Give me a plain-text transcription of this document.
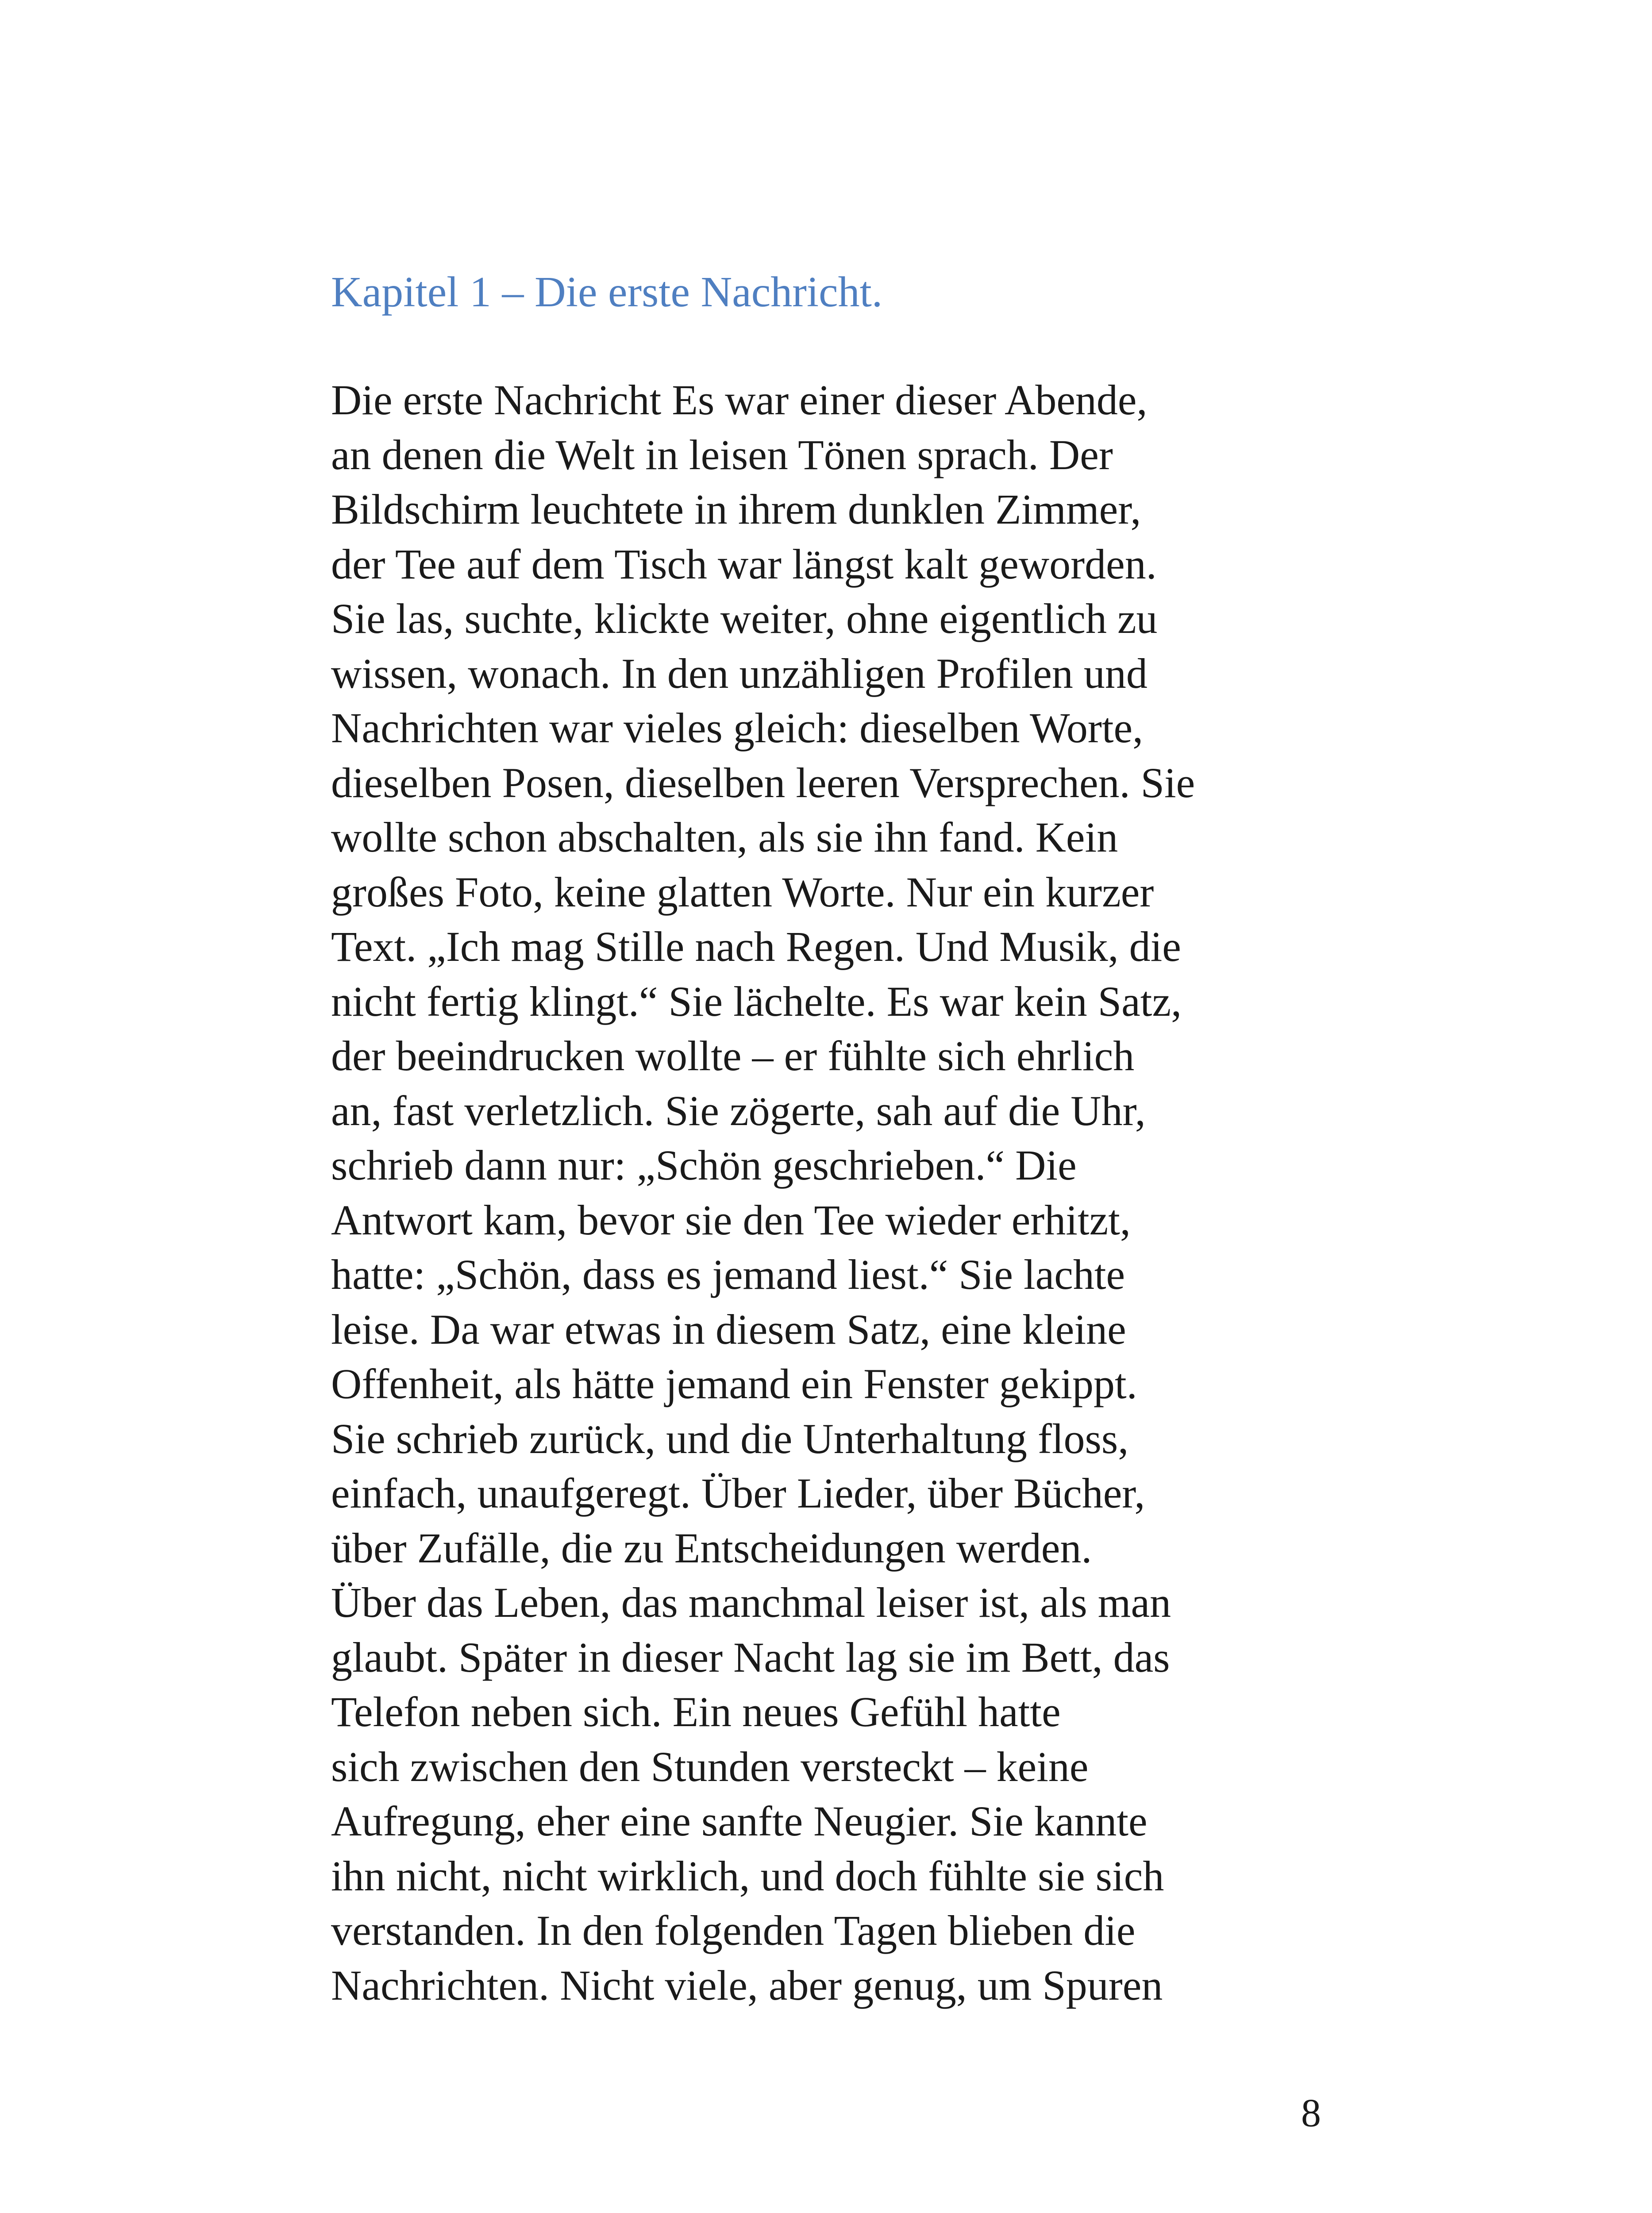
Kapitel 1 – Die erste Nachricht.
Die erste Nachricht Es war einer dieser Abende,
an denen die Welt in leisen Tönen sprach. Der
Bildschirm leuchtete in ihrem dunklen Zimmer,
der Tee auf dem Tisch war längst kalt geworden.
Sie las, suchte, klickte weiter, ohne eigentlich zu
wissen, wonach. In den unzähligen Profilen und
Nachrichten war vieles gleich: dieselben Worte,
dieselben Posen, dieselben leeren Versprechen. Sie
wollte schon abschalten, als sie ihn fand. Kein
großes Foto, keine glatten Worte. Nur ein kurzer
Text. „Ich mag Stille nach Regen. Und Musik, die
nicht fertig klingt.“ Sie lächelte. Es war kein Satz,
der beeindrucken wollte – er fühlte sich ehrlich
an, fast verletzlich. Sie zögerte, sah auf die Uhr,
schrieb dann nur: „Schön geschrieben.“ Die
Antwort kam, bevor sie den Tee wieder erhitzt,
hatte: „Schön, dass es jemand liest.“ Sie lachte
leise. Da war etwas in diesem Satz, eine kleine
Offenheit, als hätte jemand ein Fenster gekippt.
Sie schrieb zurück, und die Unterhaltung floss,
einfach, unaufgeregt. Über Lieder, über Bücher,
über Zufälle, die zu Entscheidungen werden.
Über das Leben, das manchmal leiser ist, als man
glaubt. Später in dieser Nacht lag sie im Bett, das
Telefon neben sich. Ein neues Gefühl hatte
sich zwischen den Stunden versteckt – keine
Aufregung, eher eine sanfte Neugier. Sie kannte
ihn nicht, nicht wirklich, und doch fühlte sie sich
verstanden. In den folgenden Tagen blieben die
Nachrichten. Nicht viele, aber genug, um Spuren
8
